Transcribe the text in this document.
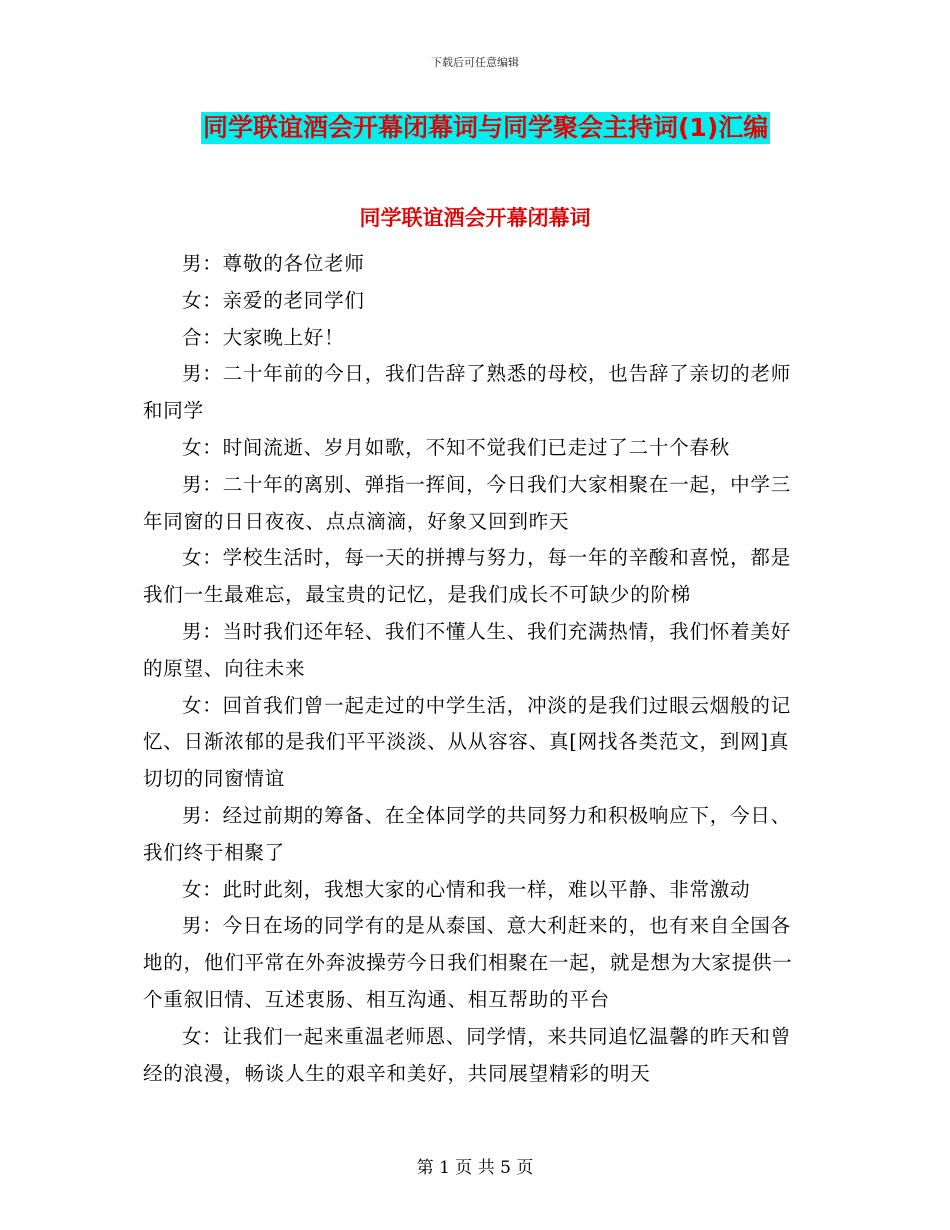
下载后可任意编辑
同学联谊酒会开幕闭幕词与同学聚会主持词(1)汇编
同学联谊酒会开幕闭幕词

男：尊敬的各位老师

女：亲爱的老同学们

合：大家晚上好！

男：二十年前的今日，我们告辞了熟悉的母校，也告辞了亲切的老师和同学

女：时间流逝、岁月如歌，不知不觉我们已走过了二十个春秋

男：二十年的离别、弹指一挥间，今日我们大家相聚在一起，中学三年同窗的日日夜夜、点点滴滴，好象又回到昨天

女：学校生活时，每一天的拼搏与努力，每一年的辛酸和喜悦，都是我们一生最难忘，最宝贵的记忆，是我们成长不可缺少的阶梯

男：当时我们还年轻、我们不懂人生、我们充满热情，我们怀着美好的原望、向往未来

女：回首我们曾一起走过的中学生活，冲淡的是我们过眼云烟般的记忆、日渐浓郁的是我们平平淡淡、从从容容、真[网找各类范文，到网]真切切的同窗情谊

男：经过前期的筹备、在全体同学的共同努力和积极响应下，今日、我们终于相聚了

女：此时此刻，我想大家的心情和我一样，难以平静、非常激动

男：今日在场的同学有的是从泰国、意大利赶来的，也有来自全国各地的，他们平常在外奔波操劳今日我们相聚在一起，就是想为大家提供一个重叙旧情、互述衷肠、相互沟通、相互帮助的平台

女：让我们一起来重温老师恩、同学情，来共同追忆温馨的昨天和曾经的浪漫，畅谈人生的艰辛和美好，共同展望精彩的明天

第 1 页 共 5 页
